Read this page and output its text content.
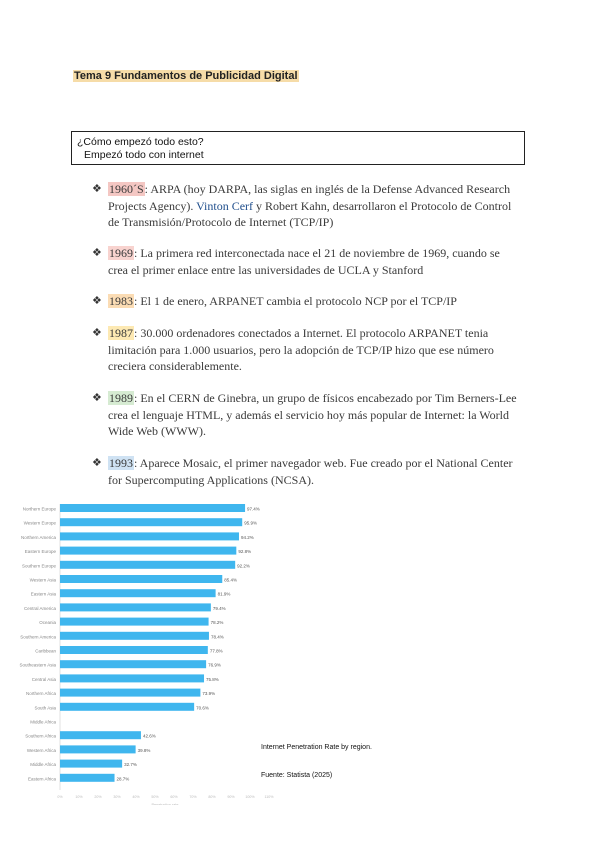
Tema 9 Fundamentos de Publicidad Digital
¿Cómo empezó todo esto?
Empezó todo con internet
❖ 1960´S: ARPA (hoy DARPA, las siglas en inglés de la Defense Advanced Research Projects Agency). Vinton Cerf y Robert Kahn, desarrollaron el Protocolo de Control de Transmisión/Protocolo de Internet (TCP/IP)
❖ 1969: La primera red interconectada nace el 21 de noviembre de 1969, cuando se crea el primer enlace entre las universidades de UCLA y Stanford
❖ 1983: El 1 de enero, ARPANET cambia el protocolo NCP por el TCP/IP
❖ 1987: 30.000 ordenadores conectados a Internet. El protocolo ARPANET tenia limitación para 1.000 usuarios, pero la adopción de TCP/IP hizo que ese número creciera considerablemente.
❖ 1989: En el CERN de Ginebra, un grupo de físicos encabezado por Tim Berners-Lee crea el lenguaje HTML, y además el servicio hoy más popular de Internet: la World Wide Web (WWW).
❖ 1993: Aparece Mosaic, el primer navegador web. Fue creado por el National Center for Supercomputing Applications (NCSA).
Northern Europe	97.4%
Western Europe	95.9%
Northern America	94.2%
Eastern Europe	92.8%
Southern Europe	92.2%
Western Asia	85.4%
Eastern Asia	81.9%
Central America	79.4%
Oceania	78.2%
Southern America	78.4%
Caribbean	77.8%
Southeastern Asia	76.9%
Central Asia	75.8%
Northern Africa	73.9%
South Asia	70.6%
Middle Africa
Southern Africa	42.6%
Western Africa	39.8%
Middle Africa	32.7%
Eastern Africa	28.7%
0%	10%	20%	30%	40%	50%	60%	70%	80%	90%	100%	110%
Penetration rate
Internet Penetration Rate by region.
Fuente: Statista (2025)
